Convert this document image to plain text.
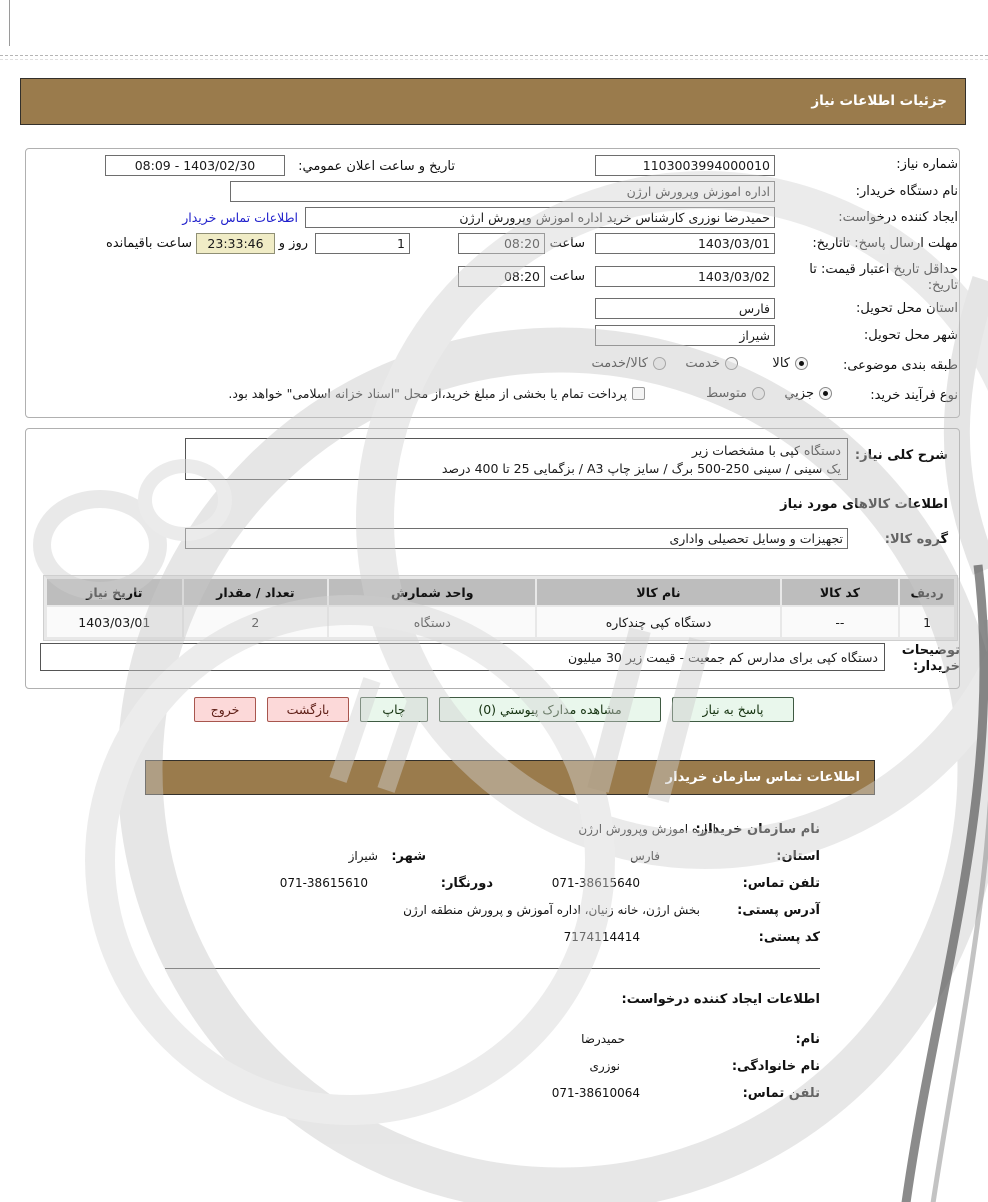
جزئیات اطلاعات نیاز
شماره نیاز:
1103003994000010
تاریخ و ساعت اعلان عمومي:
08:09 - 1403/02/30
نام دستگاه خریدار:
اداره اموزش وپرورش ارژن
ایجاد کننده درخواست:
حمیدرضا نوزری کارشناس خرید اداره اموزش وپرورش ارژن
اطلاعات تماس خریدار
مهلت ارسال پاسخ: تاتاریخ:
1403/03/01
ساعت
08:20
1
روز و
23:33:46
ساعت باقیمانده
حداقل تاریخ اعتبار قیمت: تا تاریخ:
1403/03/02
ساعت
08:20
استان محل تحویل:
فارس
شهر محل تحویل:
شیراز
طبقه بندی موضوعی:
کالا
خدمت
کالا/خدمت
نوع فرآیند خرید:
جزیي
متوسط
پرداخت تمام یا بخشی از مبلغ خرید،از محل "اسناد خزانه اسلامی" خواهد بود.
شرح کلی نیاز:
دستگاه کپی با مشخصات زیر
یک سینی / سینی 250-500 برگ / سایز چاپ A3 / بزگمایی 25 تا 400 درصد
اطلاعات کالاهای مورد نیاز
گروه کالا:
تجهیزات و وسایل تحصیلی واداری
ردیف	کد کالا	نام کالا	واحد شمارش	تعداد / مقدار	تاریخ نیاز
1	--	دستگاه کپی چندکاره	دستگاه	2	1403/03/01
توضیحات خریدار:
دستگاه کپی برای مدارس کم جمعیت - قیمت زیر 30 میلیون
پاسخ به نیاز
مشاهده مدارک پیوستي (0)
چاپ
بازگشت
خروج
اطلاعات تماس سازمان خریدار
نام سازمان خریدار:
اداره اموزش وپرورش ارژن
استان:
فارس
شهر:
شیراز
تلفن تماس:
071-38615640
دورنگار:
071-38615610
آدرس پستی:
بخش ارژن، خانه زنیان، اداره آموزش و پرورش منطقه ارژن
کد پستی:
7174114414
اطلاعات ایجاد کننده درخواست:
نام:
حمیدرضا
نام خانوادگی:
نوزری
تلفن تماس:
071-38610064
